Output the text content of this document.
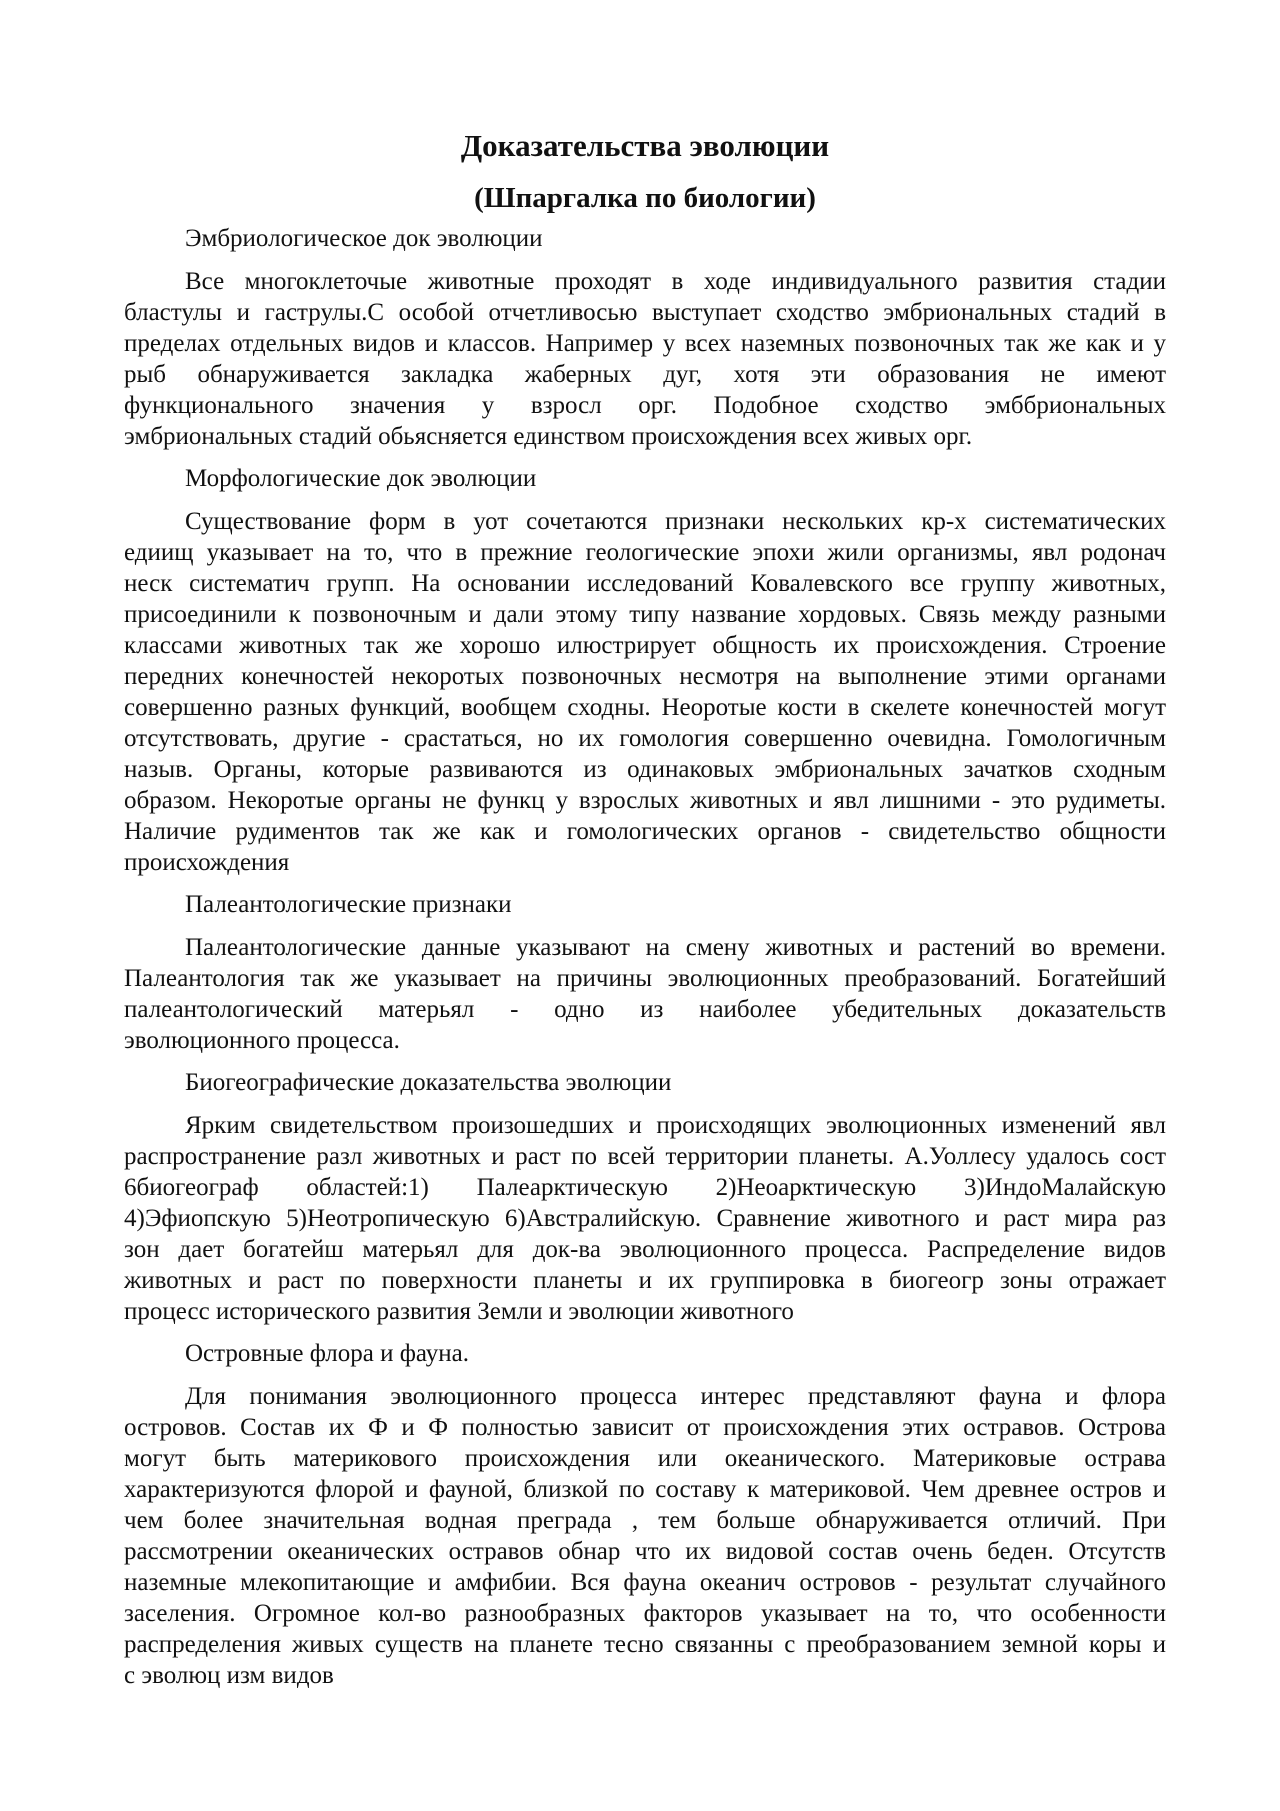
Доказательства эволюции
(Шпаргалка по биологии)
Эмбриологическое док эволюции
Все многоклеточые животные проходят в ходе индивидуального развития стадии
бластулы и гаструлы.С особой отчетливосью выступает сходство эмбриональных стадий в
пределах отдельных видов и классов. Например у всех наземных позвоночных так же как и у
рыб обнаруживается закладка жаберных дуг, хотя эти образования не имеют
функционального значения у взросл орг. Подобное сходство эмббриональных
эмбриональных стадий обьясняется единством происхождения всех живых орг.
Морфологические док эволюции
Существование форм в уот сочетаются признаки нескольких кр-х систематических
едиищ указывает на то, что в прежние геологические эпохи жили организмы, явл родонач
неск систематич групп. На основании исследований Ковалевского все группу животных,
присоединили к позвоночным и дали этому типу название хордовых. Связь между разными
классами животных так же хорошо илюстрирует общность их происхождения. Строение
передних конечностей некоротых позвоночных несмотря на выполнение этими органами
совершенно разных функций, вообщем сходны. Неоротые кости в скелете конечностей могут
отсутствовать, другие - срастаться, но их гомология совершенно очевидна. Гомологичным
назыв. Органы, которые развиваются из одинаковых эмбриональных зачатков сходным
образом. Некоротые органы не функц у взрослых животных и явл лишними - это рудиметы.
Наличие рудиментов так же как и гомологических органов - свидетельство общности
происхождения
Палеантологические признаки
Палеантологические данные указывают на смену животных и растений во времени.
Палеантология так же указывает на причины эволюционных преобразований. Богатейший
палеантологический матерьял - одно из наиболее убедительных доказательств
эволюционного процесса.
Биогеографические доказательства эволюции
Ярким свидетельством произошедших и происходящих эволюционных изменений явл
распространение разл животных и раст по всей территории планеты. А.Уоллесу удалось сост
6биогеограф областей:1) Палеарктическую 2)Неоарктическую 3)ИндоМалайскую
4)Эфиопскую 5)Неотропическую 6)Австралийскую. Сравнение животного и раст мира раз
зон дает богатейш матерьял для док-ва эволюционного процесса. Распределение видов
животных и раст по поверхности планеты и их группировка в биогеогр зоны отражает
процесс исторического развития Земли и эволюции животного
Островные флора и фауна.
Для понимания эволюционного процесса интерес представляют фауна и флора
островов. Состав их Ф и Ф полностью зависит от происхождения этих остравов. Острова
могут быть материкового происхождения или океанического. Материковые острава
характеризуются флорой и фауной, близкой по составу к материковой. Чем древнее остров и
чем более значительная водная преграда , тем больше обнаруживается отличий. При
рассмотрении океанических остравов обнар что их видовой состав очень беден. Отсутств
наземные млекопитающие и амфибии. Вся фауна океанич островов - результат случайного
заселения. Огромное кол-во разнообразных факторов указывает на то, что особенности
распределения живых существ на планете тесно связанны с преобразованием земной коры и
с эволюц изм видов
